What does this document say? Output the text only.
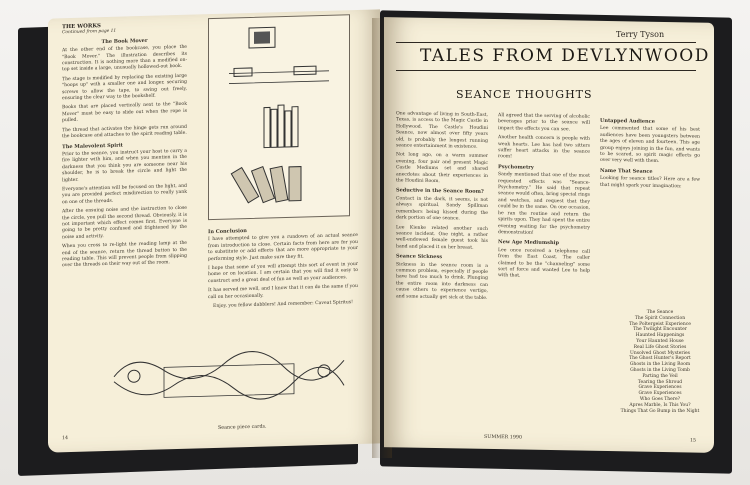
THE WORKS
Continued from page 11
The Book Mover

At the other end of the bookcase, you place the "Book Mover." The illustration describes its construction. It is nothing more than a modified on-top set inside a large, unusually hollowed-out book.

The stage is modified by replacing the existing large "hoops up" with a smaller one and longer, securing screws to allow the tape, to swing out freely, ensuring the clear way to the bookshelf.

Books that are placed vertically next to the "Book Mover" must be easy to slide out when the rope is pulled.

The thread that activates the hinge gets run around the bookcase and attaches to the spirit reading table.

The Malevolent Spirit

Prior to the seance, you instruct your host to carry a fire lighter with him, and when you mention in the darkness that you think you are someone near his shoulder, he is to break the circle and light the lighter.

Everyone's attention will be focused on the light, and you are provided perfect misdirection to really yank on one of the threads.

After the ensuing noise and the instruction to close the circle, you pull the second thread. Obviously, it is not important which effect comes first. Everyone is going to be pretty confused and frightened by the noise and activity.

When you cross to re-light the reading lamp at the end of the seance, return the thread button to the reading table. This will prevent people from slipping over the threads on their way out of the room.

In Conclusion

I have attempted to give you a rundown of an actual seance from introduction to close. Certain facts from here are for you to substitute or add effects that are more appropriate to your performing style. Just make sure they fit.

I hope that some of you will attempt this sort of event in your home or on location. I am certain that you will find it easy to construct and a great deal of fun as well as your audiences.

It has served me well, and I know that it can do the same if you call on her occasionally.

Enjoy, you fellow dabblers! And remember: Caveat Spiritus!

Seance piece cards.
14

One advantage of living in South-East, Texas, is access to the Magic Castle in Hollywood. The Castle's Houdini Seance, now almost over fifty years old, is probably the longest running seance entertainment in existence.

Not long ago, on a warm summer evening, four pair and present Magic Castle Mediums set and shared anecdotes about their experiences in the Houdini Room.

Seductive in the Seance Room?

Contact in the dark, it seems, is not always spiritual. Sandy Spillman remembers being kissed during the dark portion of one seance.

Lee Kienke related another such seance incident. One night, a rather well-endowed female guest took his hand and placed it on her breast.

Seance Sickness

Sickness in the seance room is a common problem, especially if people have had too much to drink. Plunging the entire room into darkness can cause others to experience vertigo, and some actually get sick at the table.

All agreed that the serving of alcoholic beverages prior to the seance will impact the effects you can see.

Another health concern is people with weak hearts. Lee has had two sitters suffer heart attacks in the seance room!

Psychometry

Sandy mentioned that one of the most requested effects was "Seance-Psychometry." He said that repeat seance would often, bring special rings and watches, and request that they could be in the same. On one occasion, he ran the routine and return the spirits upon. They had spent the entire evening waiting for the psychometry demonstration!

New Age Mediumship

Lee once received a telephone call from the East Coast. The caller claimed to be the "channeling" some sort of force and wanted Lee to help with that.

Untapped Audience

Lee commented that some of his best audiences have been youngsters between the ages of eleven and fourteen. This age group enjoys joining in the fun, and wants to be scared, so spirit magic effects go over very well with them.

Name That Seance

Looking for seance titles? Here are a few that might spark your imagination:

SUMMER 1990
15
Terry Tyson
TALES FROM DEVLYNWOOD
SEANCE THOUGHTS
The Seance
The Spirit Connection
The Poltergeist Experience
The Twilight Encounter
Haunted Happenings
Your Haunted House
Real Life Ghost Stories
Unsolved Ghost Mysteries
The Ghost Hunter's Report
Ghosts in the Living Room
Ghosts in the Living Tomb
Parting the Veil
Tearing the Shroud
Grave Experiences
Grave Experiences
Who Goes There?
Apres Marble, Is This You?
Things That Go Bump in the Night
